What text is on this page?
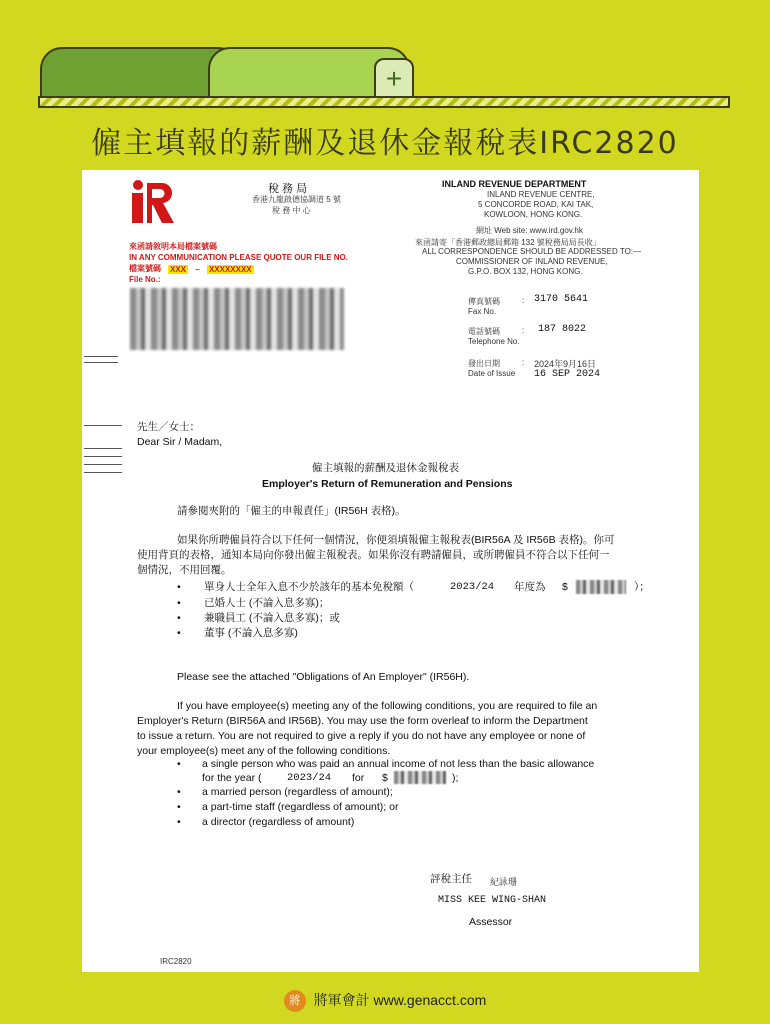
+
僱主填報的薪酬及退休金報稅表IRC2820
稅 務 局
香港九龍啟德協調道 5 號
稅 務 中 心
INLAND REVENUE DEPARTMENT
INLAND REVENUE CENTRE,
5 CONCORDE ROAD, KAI TAK,
KOWLOON, HONG KONG.
網址 Web site: www.ird.gov.hk
來函請寄「香港郵政總局郵箱 132 號稅務局局長收」
ALL CORRESPONDENCE SHOULD BE ADDRESSED TO:—
COMMISSIONER OF INLAND REVENUE,
G.P.O. BOX 132, HONG KONG.
來函請敘明本局檔案號碼
IN ANY COMMUNICATION PLEASE QUOTE OUR FILE NO.
檔案號碼
File No.:
XXX – XXXXXXXX
傳真號碼
Fax No.
: 3170 5641
電話號碼
Telephone No.
: 187 8022
發出日期
Date of Issue
: 2024年9月16日
16 SEP 2024
先生／女士：
Dear Sir / Madam,
僱主填報的薪酬及退休金報稅表
Employer's Return of Remuneration and Pensions
請參閱夾附的「僱主的申報責任」(IR56H 表格)。
如果你所聘僱員符合以下任何一個情況，你便須填報僱主報稅表(BIR56A 及 IR56B 表格)。你可
使用背頁的表格，通知本局向你發出僱主報稅表。如果你沒有聘請僱員，或所聘僱員不符合以下任何一
個情況，不用回覆。
• 單身人士全年入息不少於該年的基本免稅額（	2023/24 年度為 $	）；
• 已婚人士 (不論入息多寡)；
• 兼職員工 (不論入息多寡)；或
• 董事 (不論入息多寡)
Please see the attached "Obligations of An Employer" (IR56H).
If you have employee(s) meeting any of the following conditions, you are required to file an
Employer's Return (BIR56A and IR56B). You may use the form overleaf to inform the Department
to issue a return. You are not required to give a reply if you do not have any employee or none of
your employee(s) meet any of the following conditions.
• a single person who was paid an annual income of not less than the basic allowance
for the year ( 2023/24 for $	);
• a married person (regardless of amount);
• a part-time staff (regardless of amount); or
• a director (regardless of amount)
評稅主任 紀詠珊
MISS KEE WING-SHAN
Assessor
IRC2820
將 將軍會計 www.genacct.com
